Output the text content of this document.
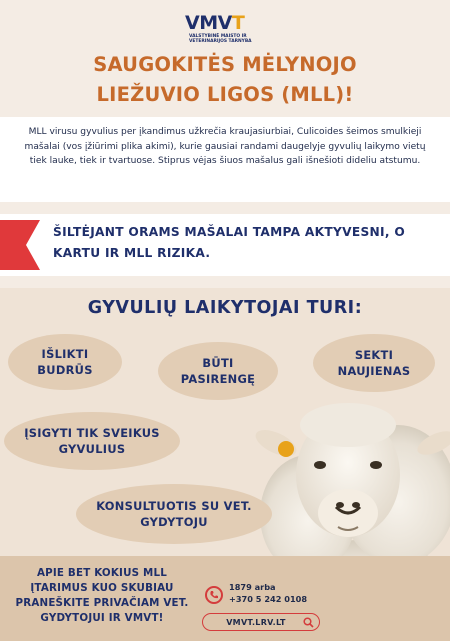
VMVT
VALSTYBINĖ MAISTO IR VETERINARIJOS TARNYBA
SAUGOKITĖS MĖLYNOJO
LIEŽUVIO LIGOS (MLL)!

MLL virusu gyvulius per įkandimus užkrečia kraujasiurbiai, Culicoides šeimos smulkieji mašalai (vos įžiūrimi plika akimi), kurie gausiai randami daugelyje gyvulių laikymo vietų tiek lauke, tiek ir tvartuose. Stiprus vėjas šiuos mašalus gali išnešioti dideliu atstumu.

ŠILTĖJANT ORAMS MAŠALAI TAMPA AKTYVESNI, O
KARTU IR MLL RIZIKA.
GYVULIŲ LAIKYTOJAI TURI:
IŠLIKTI
BUDRŪS	BŪTI
PASIRENGĘ
SEKTI
NAUJIENAS
ĮSIGYTI TIK SVEIKUS
GYVULIUS
KONSULTUOTIS SU VET.
GYDYTOJU
APIE BET KOKIUS MLL
ĮTARIMUS KUO SKUBIAU
PRANEŠKITE PRIVAČIAM VET.
GYDYTOJUI IR VMVT!
1879 arba
+370 5 242 0108
VMVT.LRV.LT
